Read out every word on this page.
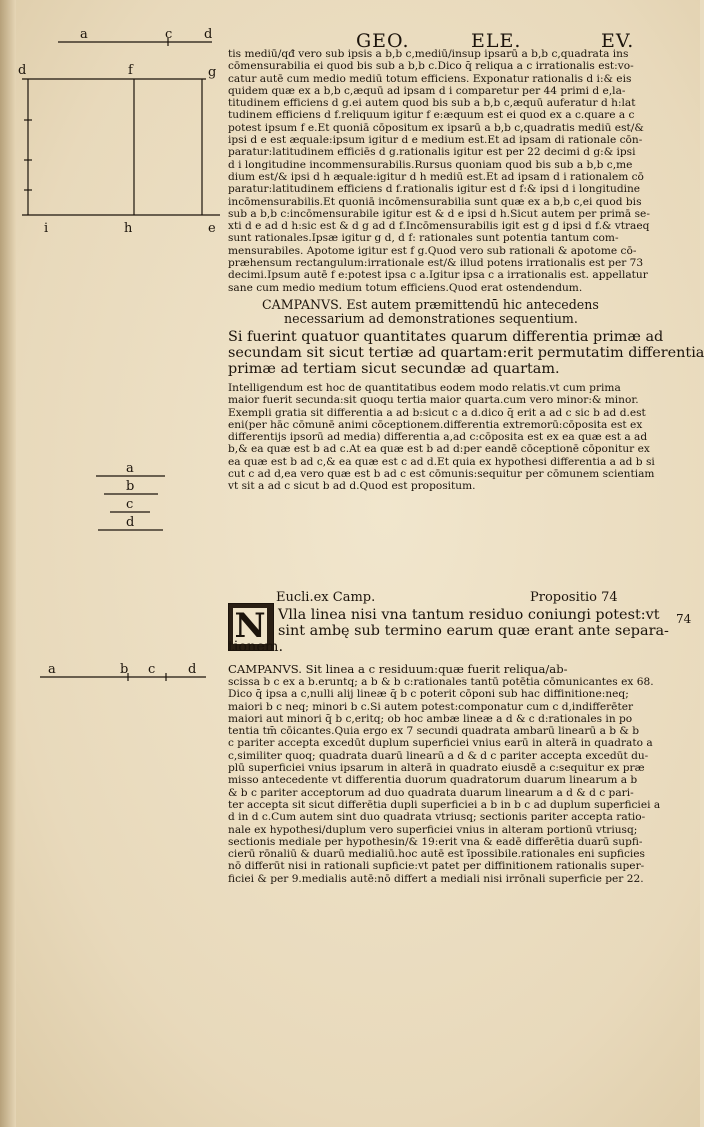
GEO.	ELE.	EV.
a	c d
d	f	g
i	h	e
a
b
c
d
a	b c	d
tis mediū/qđ vero sub ipsis a b,b c,mediū/insup ipsarū a b,b c,quadrata ins
cōmensurabilia ei quod bis sub a b,b c.Dico q̄ reliqua a c irrationalis est:vo-
catur autē cum medio mediū totum efficiens. Exponatur rationalis d i:& eis
quidem quæ ex a b,b c,æquū ad ipsam d i comparetur per 44 primi d e,la-
titudinem efficiens d g.ei autem quod bis sub a b,b c,æquū auferatur d h:lat
tudinem efficiens d f.reliquum igitur f e:æquum est ei quod ex a c.quare a c
potest ipsum f e.Et quoniā cōpositum ex ipsarū a b,b c,quadratis mediū est/&
ipsi d e est æquale:ipsum igitur d e medium est.Et ad ipsam di rationale cōn-
paratur:latitudinem efficiēs d g.rationalis igitur est per 22 decimi d g:& ipsi
d i longitudine incommensurabilis.Rursus quoniam quod bis sub a b,b c,me
dium est/& ipsi d h æquale:igitur d h mediū est.Et ad ipsam d i rationalem cō
paratur:latitudinem efficiens d f.rationalis igitur est d f:& ipsi d i longitudine
incōmensurabilis.Et quoniā incōmensurabilia sunt quæ ex a b,b c,ei quod bis
sub a b,b c:incōmensurabile igitur est & d e ipsi d h.Sicut autem per primā se-
xti d e ad d h:sic est & d g ad d f.Incōmensurabilis igit est g d ipsi d f.& vtraeq
sunt rationales.Ipsæ igitur g d, d f: rationales sunt potentia tantum com-
mensurabiles. Apotome igitur est f g.Quod vero sub rationali & apotome cō-
præhensum rectangulum:irrationale est/& illud potens irrationalis est per 73
decimi.Ipsum autē f e:potest ipsa c a.Igitur ipsa c a irrationalis est. appellatur
sane cum medio medium totum efficiens.Quod erat ostendendum.
CAMPANVS. Est autem præmittendū hic antecedens
necessarium ad demonstrationes sequentium.
Si fuerint quatuor quantitates quarum differentia primæ ad
secundam sit sicut tertiæ ad quartam:erit permutatim differentia
primæ ad tertiam sicut secundæ ad quartam.
Intelligendum est hoc de quantitatibus eodem modo relatis.vt cum prima
maior fuerit secunda:sit quoqu tertia maior quarta.cum vero minor:& minor.
Exempli gratia sit differentia a ad b:sicut c a d.dico q̄ erit a ad c sic b ad d.est
eni(per hāc cōmunē animi cōceptionem.differentia extremorū:cōposita est ex
differentijs ipsorū ad media) differentia a,ad c:cōposita est ex ea quæ est a ad
b,& ea quæ est b ad c.At ea quæ est b ad d:per eandē cōceptionē cōponitur ex
ea quæ est b ad c,& ea quæ est c ad d.Et quia ex hypothesi differentia a ad b si
cut c ad d,ea vero quæ est b ad c est cōmunis:sequitur per cōmunem scientiam
vt sit a ad c sicut b ad d.Quod est propositum.
Eucli.ex Camp.	Propositio 74
74
N Vlla linea nisi vna tantum residuo coniungi potest:vt
sint ambę sub termino earum quæ erant ante separa-
tionem.
CAMPANVS. Sit linea a c residuum:quæ fuerit reliqua/ab-
scissa b c ex a b.eruntq; a b & b c:rationales tantū potētia cōmunicantes ex 68.
Dico q̄ ipsa a c,nulli alij lineæ q̄ b c poterit cōponi sub hac diffinitione:neq;
maiori b c neq; minori b c.Si autem potest:componatur cum c d,indifferēter
maiori aut minori q̄ b c,eritq; ob hoc ambæ lineæ a d & c d:rationales in po
tentia tm̄ cōicantes.Quia ergo ex 7 secundi quadrata ambarū linearū a b & b
c pariter accepta excedūt duplum superficiei vnius earū in alterā in quadrato a
c,similiter quoq; quadrata duarū linearū a d & d c pariter accepta excedūt du-
plū superficiei vnius ipsarum in alterā in quadrato eiusdē a c:sequitur ex præ
misso antecedente vt differentia duorum quadratorum duarum linearum a b
& b c pariter acceptorum ad duo quadrata duarum linearum a d & d c pari-
ter accepta sit sicut differētia dupli superficiei a b in b c ad duplum superficiei a
d in d c.Cum autem sint duo quadrata vtriusq; sectionis pariter accepta ratio-
nale ex hypothesi/duplum vero superficiei vnius in alteram portionū vtriusq;
sectionis mediale per hypothesin/& 19:erit vna & eadē differētia duarū supfi-
cierū rōnaliū & duarū medialiū.hoc autē est īpossibile.rationales eni supficies
nō differūt nisi in rationali supficie:vt patet per diffinitionem rationalis super-
ficiei & per 9.medialis autē:nō differt a mediali nisi irrōnali superficie per 22.
